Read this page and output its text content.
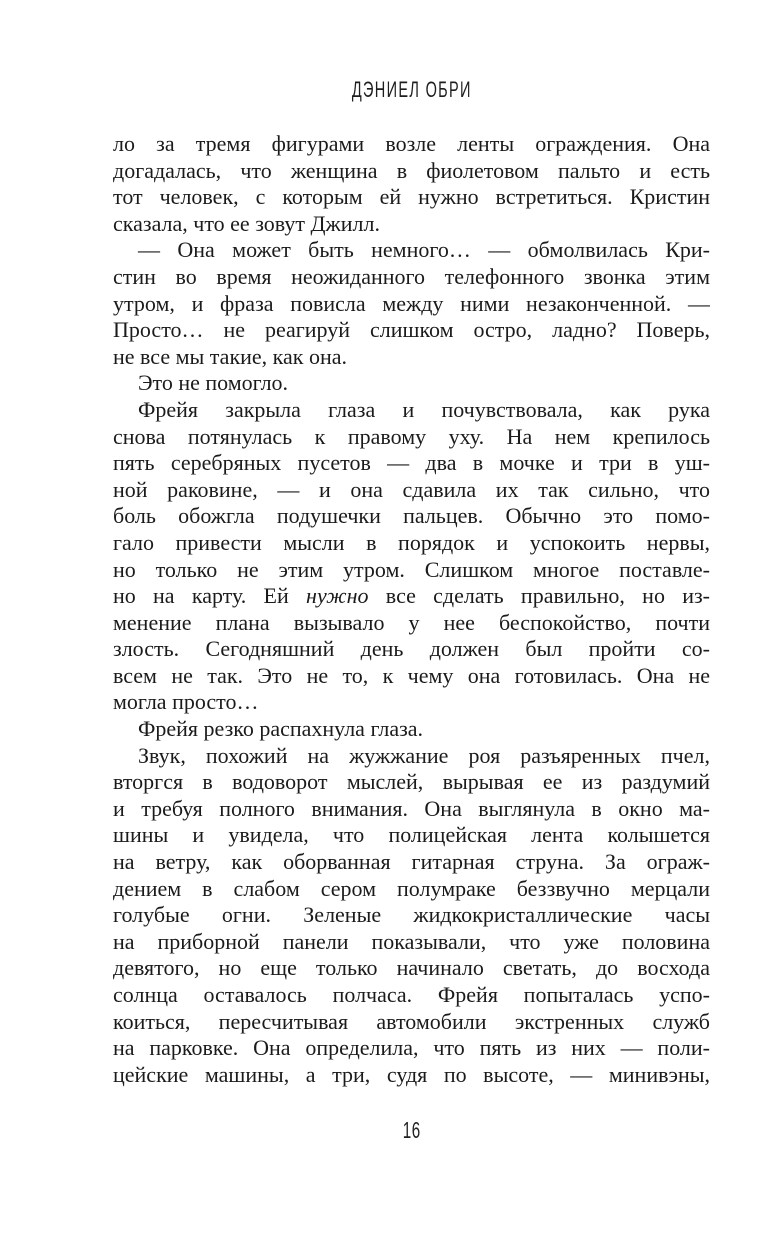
ДЭНИЕЛ ОБРИ
ло за тремя фигурами возле ленты ограждения. Она
догадалась, что женщина в фиолетовом пальто и есть
тот человек, с которым ей нужно встретиться. Кристин
сказала, что ее зовут Джилл.
— Она может быть немного… — обмолвилась Кри-
стин во время неожиданного телефонного звонка этим
утром, и фраза повисла между ними незаконченной. —
Просто… не реагируй слишком остро, ладно? Поверь,
не все мы такие, как она.
Это не помогло.
Фрейя закрыла глаза и почувствовала, как рука
снова потянулась к правому уху. На нем крепилось
пять серебряных пусетов — два в мочке и три в уш-
ной раковине, — и она сдавила их так сильно, что
боль обожгла подушечки пальцев. Обычно это помо-
гало привести мысли в порядок и успокоить нервы,
но только не этим утром. Слишком многое поставле-
но на карту. Ей нужно все сделать правильно, но из-
менение плана вызывало у нее беспокойство, почти
злость. Сегодняшний день должен был пройти со-
всем не так. Это не то, к чему она готовилась. Она не
могла просто…
Фрейя резко распахнула глаза.
Звук, похожий на жужжание роя разъяренных пчел,
вторгся в водоворот мыслей, вырывая ее из раздумий
и требуя полного внимания. Она выглянула в окно ма-
шины и увидела, что полицейская лента колышется
на ветру, как оборванная гитарная струна. За ограж-
дением в слабом сером полумраке беззвучно мерцали
голубые огни. Зеленые жидкокристаллические часы
на приборной панели показывали, что уже половина
девятого, но еще только начинало светать, до восхода
солнца оставалось полчаса. Фрейя попыталась успо-
коиться, пересчитывая автомобили экстренных служб
на парковке. Она определила, что пять из них — поли-
цейские машины, а три, судя по высоте, — минивэны,
16
